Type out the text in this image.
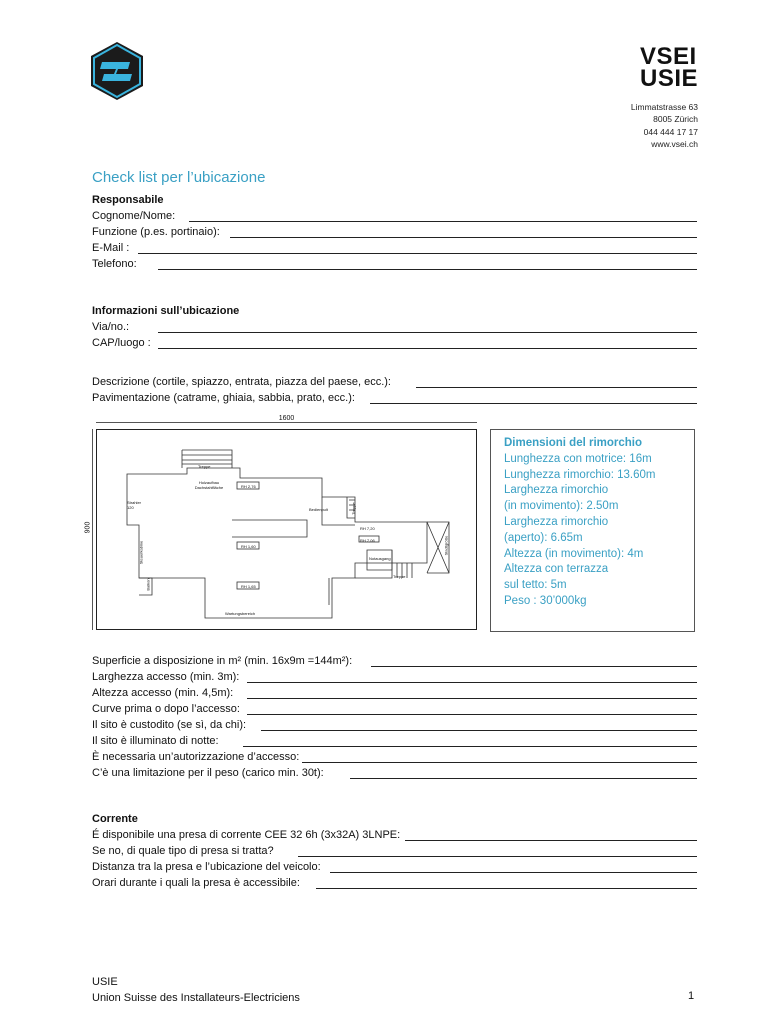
VSEI
USIE
Limmatstrasse 63
8005 Zürich
044 444 17 17
www.vsei.ch
Check list per l’ubicazione
Responsabile
Cognome/Nome:
Funzione (p.es. portinaio):
E-Mail :
Telefono:
Informazioni sull’ubicazione
Via/no.:
CAP/luogo :
Descrizione (cortile, spiazzo, entrata, piazza del paese, ecc.):
Pavimentazione (catrame, ghiaia, sabbia, prato, ecc.):
1600
900
Treppe
Holzaufbau Dachstahlfläche	RH 2,76
Strahler 120
Steuerkabine	RH 1,60
Bedienpult
RH 1,65
Balkon
Treppe
Stadtgröße
RH 7,20
RH 7,06
Notausgang
Treppe
Wartungsbereich
Dimensioni del rimorchio
Lunghezza con motrice: 16m
Lunghezza rimorchio: 13.60m
Larghezza rimorchio
(in movimento): 2.50m
Larghezza rimorchio
(aperto): 6.65m
Altezza (in movimento): 4m
Altezza con terrazza
sul tetto: 5m
Peso : 30’000kg
Superficie a disposizione in m² (min. 16x9m =144m²):
Larghezza accesso (min. 3m):
Altezza accesso (min. 4,5m):
Curve prima o dopo l’accesso:
Il sito è custodito (se sì, da chi):
Il sito è illuminato di notte:
È necessaria un’autorizzazione d’accesso:
C’è una limitazione per il peso (carico min. 30t):
Corrente
É disponibile una presa di corrente CEE 32 6h (3x32A) 3LNPE:
Se no, di quale tipo di presa si tratta?
Distanza tra la presa e l’ubicazione del veicolo:
Orari durante i quali la presa è accessibile:
USIE
Union Suisse des Installateurs-Electriciens	1
